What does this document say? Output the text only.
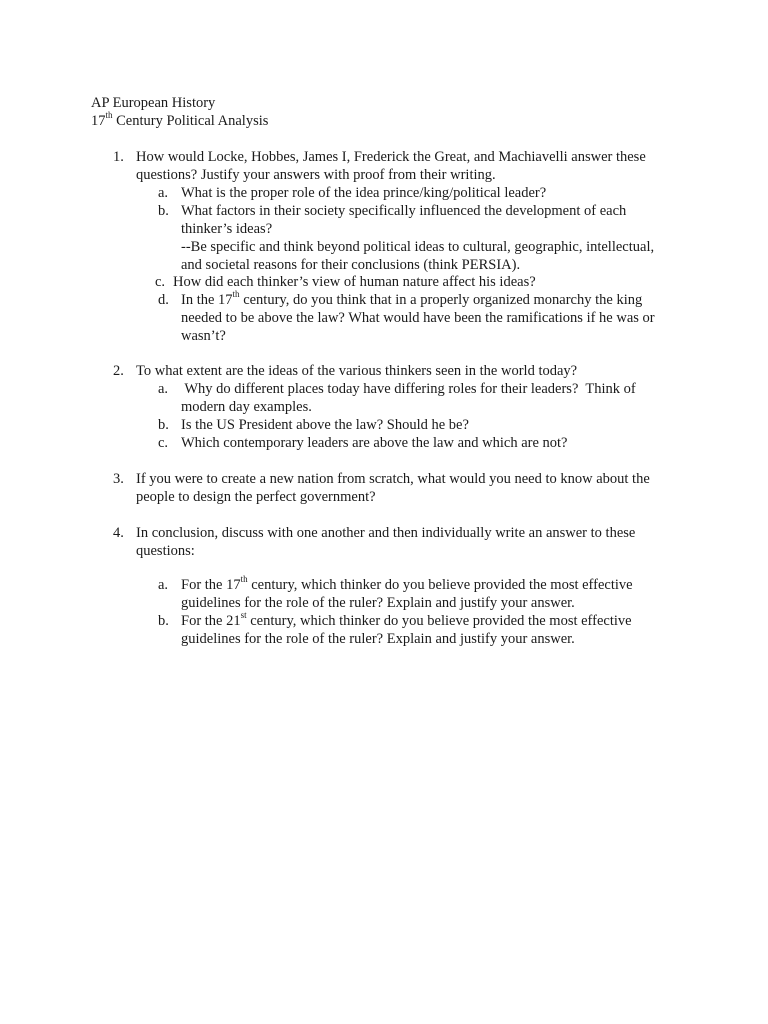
AP European History
17th Century Political Analysis
1. How would Locke, Hobbes, James I, Frederick the Great, and Machiavelli answer these
questions? Justify your answers with proof from their writing.
a. What is the proper role of the idea prince/king/political leader?
b. What factors in their society specifically influenced the development of each
thinker’s ideas?
--Be specific and think beyond political ideas to cultural, geographic, intellectual,
and societal reasons for their conclusions (think PERSIA).
c. How did each thinker’s view of human nature affect his ideas?
d. In the 17th century, do you think that in a properly organized monarchy the king
needed to be above the law? What would have been the ramifications if he was or
wasn’t?
2. To what extent are the ideas of the various thinkers seen in the world today?
a. Why do different places today have differing roles for their leaders?  Think of
modern day examples.
b. Is the US President above the law? Should he be?
c. Which contemporary leaders are above the law and which are not?
3. If you were to create a new nation from scratch, what would you need to know about the
people to design the perfect government?
4. In conclusion, discuss with one another and then individually write an answer to these
questions:
a. For the 17th century, which thinker do you believe provided the most effective
guidelines for the role of the ruler? Explain and justify your answer.
b. For the 21st century, which thinker do you believe provided the most effective
guidelines for the role of the ruler? Explain and justify your answer.
